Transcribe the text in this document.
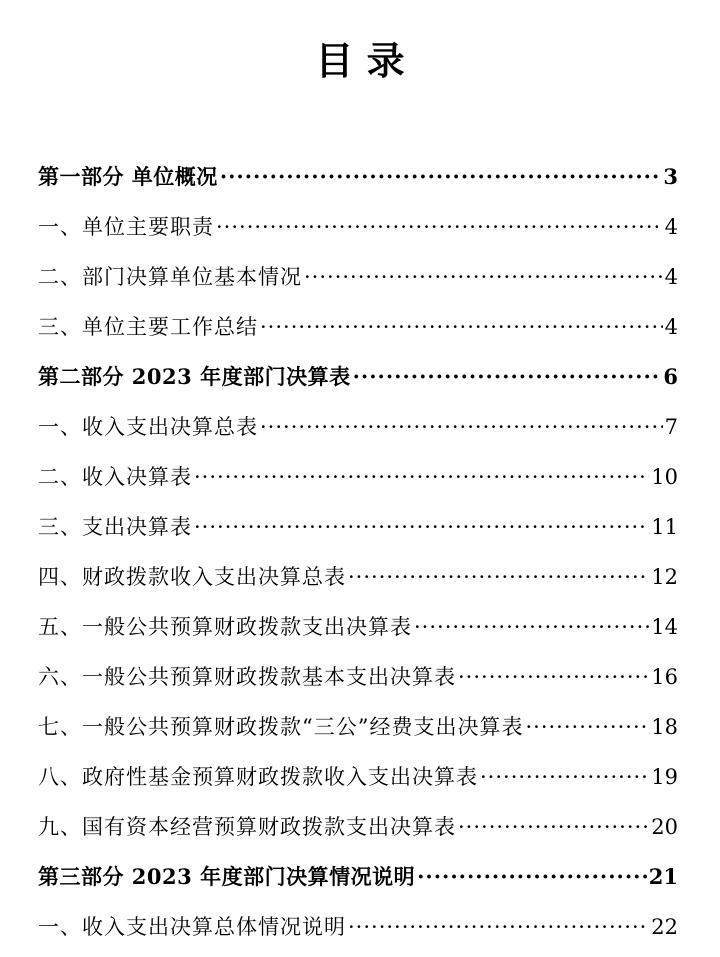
目 录
第一部分 单位概况 ·····	3
一、单位主要职责 ·····	4
二、部门决算单位基本情况 ·····	4
三、单位主要工作总结 ·····	4
第二部分 2023 年度部门决算表 ·····	6
一、收入支出决算总表 ·····	7
二、收入决算表 ·····	10
三、支出决算表 ·····	11
四、财政拨款收入支出决算总表 ·····	12
五、一般公共预算财政拨款支出决算表 ·····	14
六、一般公共预算财政拨款基本支出决算表 ·····	16
七、一般公共预算财政拨款“三公”经费支出决算表 ·····	18
八、政府性基金预算财政拨款收入支出决算表 ·····	19
九、国有资本经营预算财政拨款支出决算表 ·····	20
第三部分 2023 年度部门决算情况说明 ·····	21
一、收入支出决算总体情况说明 ·····	22
